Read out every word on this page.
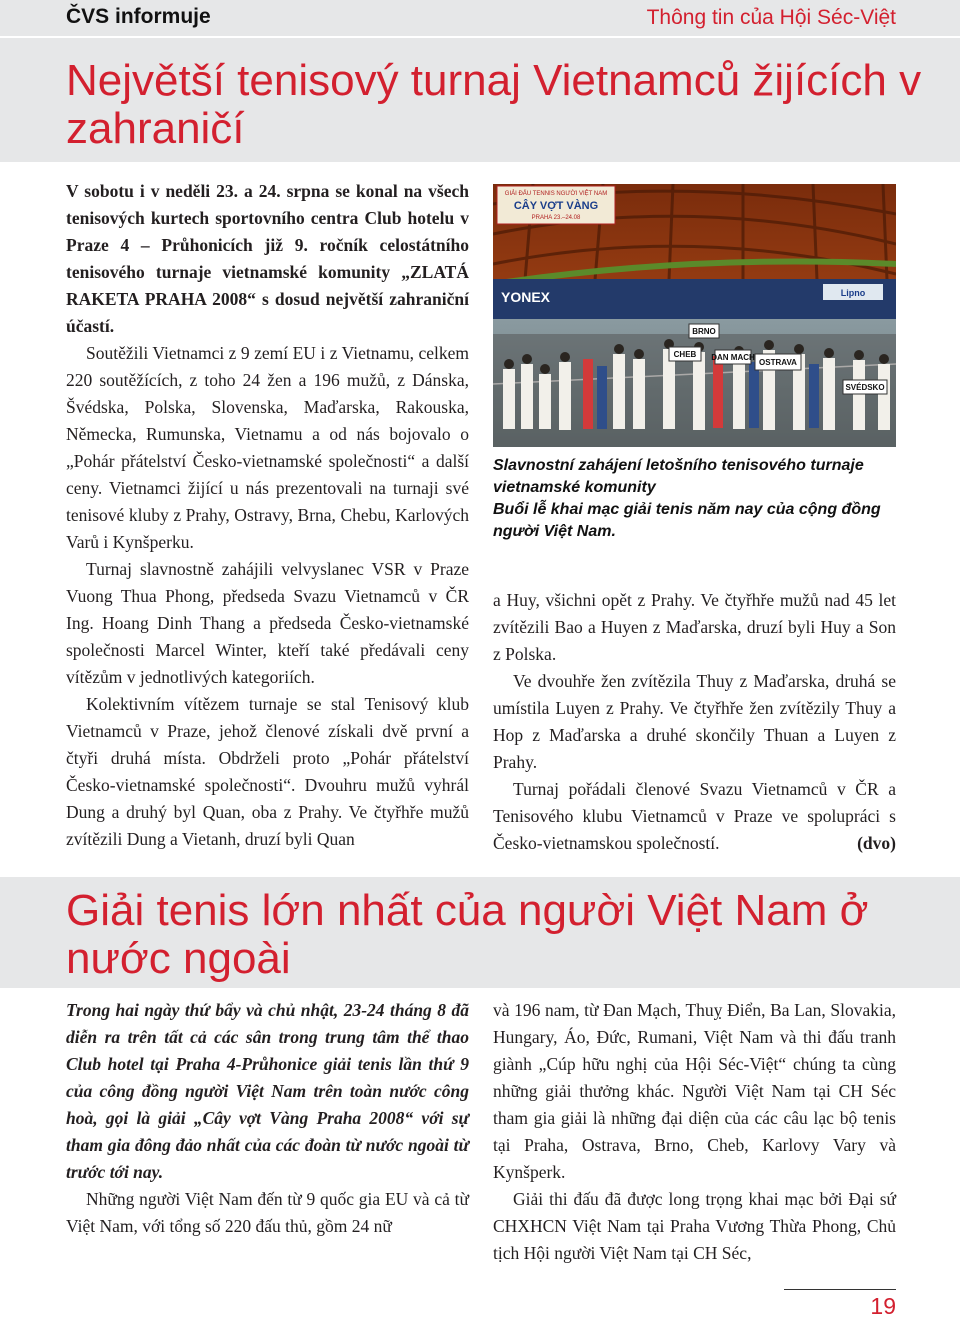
ČVS informuje	Thông tin của Hội Séc-Việt
Největší tenisový turnaj Vietnamců žijících v zahraničí

V sobotu i v neděli 23. a 24. srpna se konal na všech tenisových kurtech sportovního centra Club hotelu v Praze 4 – Průhonicích již 9. ročník celostátního tenisového turnaje vietnamské komunity „ZLATÁ RAKETA PRAHA 2008“ s dosud největší zahraniční účastí.

Soutěžili Vietnamci z 9 zemí EU i z Vietnamu, celkem 220 soutěžících, z toho 24 žen a 196 mužů, z Dánska, Švédska, Polska, Slovenska, Maďarska, Rakouska, Německa, Rumunska, Vietnamu a od nás bojovalo o „Pohár přátelství Česko-vietnamské společnosti“ a další ceny. Vietnamci žijící u nás prezentovali na turnaji své tenisové kluby z Prahy, Ostravy, Brna, Chebu, Karlových Varů i Kynšperku.

Turnaj slavnostně zahájili velvyslanec VSR v Praze Vuong Thua Phong, předseda Svazu Vietnamců v ČR Ing. Hoang Dinh Thang a předseda Česko-vietnamské společnosti Marcel Winter, kteří také předávali ceny vítězům v jednotlivých kategoriích.

Kolektivním vítězem turnaje se stal Tenisový klub Vietnamců v Praze, jehož členové získali dvě první a čtyři druhá místa. Obdrželi proto „Pohár přátelství Česko-vietnamské společnosti“. Dvouhru mužů vyhrál Dung a druhý byl Quan, oba z Prahy. Ve čtyřhře mužů zvítězili Dung a Vietanh, druzí byli Quan

GIẢI ĐẤU TENNIS NGƯỜI VIỆT NAM
CÂY VỢT VÀNG
PRAHA 23.–24.08
YONEX	Lipno
CHEB
BRNO
OSTRAVA
SVÉDSKO
DAN MACH
Slavnostní zahájení letošního tenisového turnaje vietnamské komunity
Buổi lễ khai mạc giải tenis năm nay của cộng đồng người Việt Nam.

a Huy, všichni opět z Prahy. Ve čtyřhře mužů nad 45 let zvítězili Bao a Huyen z Maďarska, druzí byli Huy a Son z Polska.

Ve dvouhře žen zvítězila Thuy z Maďarska, druhá se umístila Luyen z Prahy. Ve čtyřhře žen zvítězily Thuy a Hop z Maďarska a druhé skončily Thuan a Luyen z Prahy.

Turnaj pořádali členové Svazu Vietnamců v ČR a Tenisového klubu Vietnamců v Praze ve spolupráci s Česko-vietnamskou společností.	(dvo)

Giải tenis lớn nhất của người Việt Nam ở nước ngoài

Trong hai ngày thứ bẩy và chủ nhật, 23-24 tháng 8 đã diễn ra trên tất cả các sân trong trung tâm thể thao Club hotel tại Praha 4-Průhonice giải tenis lần thứ 9 của công đồng người Việt Nam trên toàn nước công hoà, gọi là giải „Cây vợt Vàng Praha 2008“ với sự tham gia đông đảo nhất của các đoàn từ nước ngoài từ trước tới nay.

Những người Việt Nam đến từ 9 quốc gia EU và cả từ Việt Nam, với tổng số 220 đấu thủ, gồm 24 nữ

và 196 nam, từ Đan Mạch, Thuỵ Điển, Ba Lan, Slovakia, Hungary, Áo, Đức, Rumani, Việt Nam và thi đấu tranh giành „Cúp hữu nghị của Hội Séc-Việt“ chúng ta cùng những giải thưởng khác. Người Việt Nam tại CH Séc tham gia giải là những đại diện của các câu lạc bộ tenis tại Praha, Ostrava, Brno, Cheb, Karlovy Vary và Kynšperk.

Giải thi đấu đã được long trọng khai mạc bởi Đại sứ CHXHCN Việt Nam tại Praha Vương Thừa Phong, Chủ tịch Hội người Việt Nam tại CH Séc,

19
